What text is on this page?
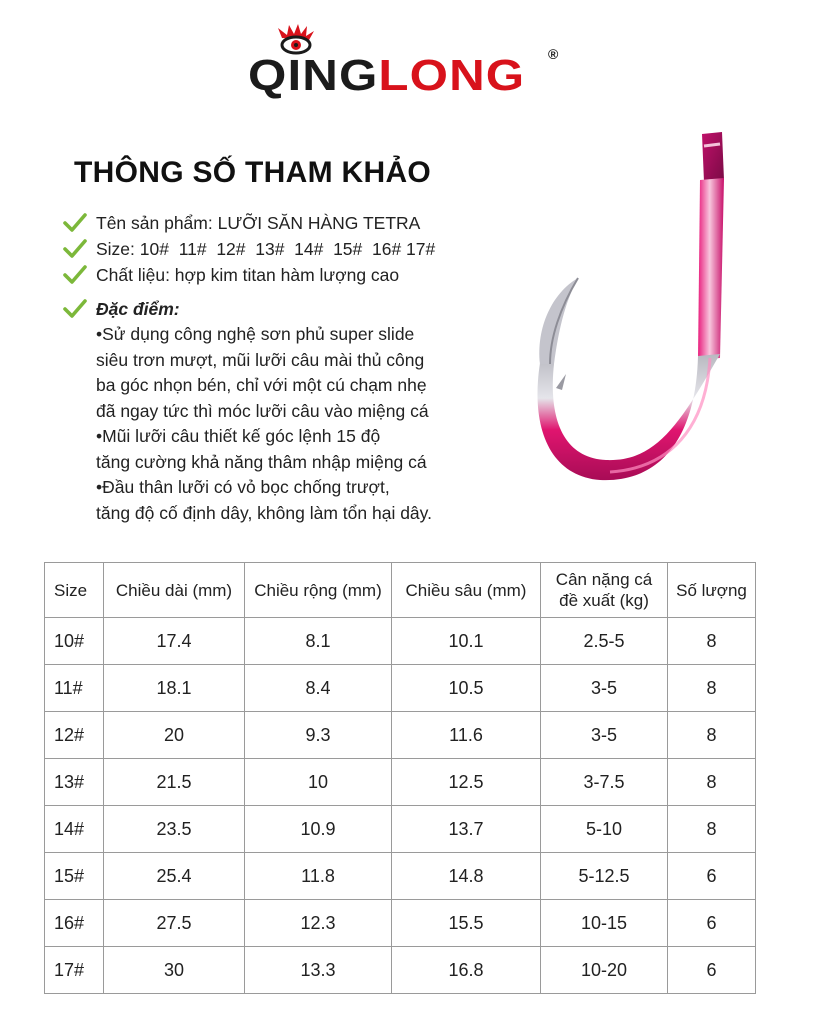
QINGLONG ®
THÔNG SỐ THAM KHẢO
Tên sản phẩm: LƯỠI SĂN HÀNG TETRA
Size: 10#  11#  12#  13#  14#  15#  16# 17#
Chất liệu: hợp kim titan hàm lượng cao
Đặc điểm:
•Sử dụng công nghệ sơn phủ super slide
siêu trơn mượt, mũi lưỡi câu mài thủ công
ba góc nhọn bén, chỉ với một cú chạm nhẹ
đã ngay tức thì móc lưỡi câu vào miệng cá
•Mũi lưỡi câu thiết kế góc lệnh 15 độ
tăng cường khả năng thâm nhập miệng cá
•Đầu thân lưỡi có vỏ bọc chống trượt,
tăng độ cố định dây, không làm tổn hại dây.
Size	Chiều dài (mm)	Chiều rộng (mm)	Chiều sâu (mm)	Cân nặng cá
đề xuất (kg)	Số lượng
10#	17.4	8.1	10.1	2.5-5	8
11#	18.1	8.4	10.5	3-5	8
12#	20	9.3	11.6	3-5	8
13#	21.5	10	12.5	3-7.5	8
14#	23.5	10.9	13.7	5-10	8
15#	25.4	11.8	14.8	5-12.5	6
16#	27.5	12.3	15.5	10-15	6
17#	30	13.3	16.8	10-20	6
